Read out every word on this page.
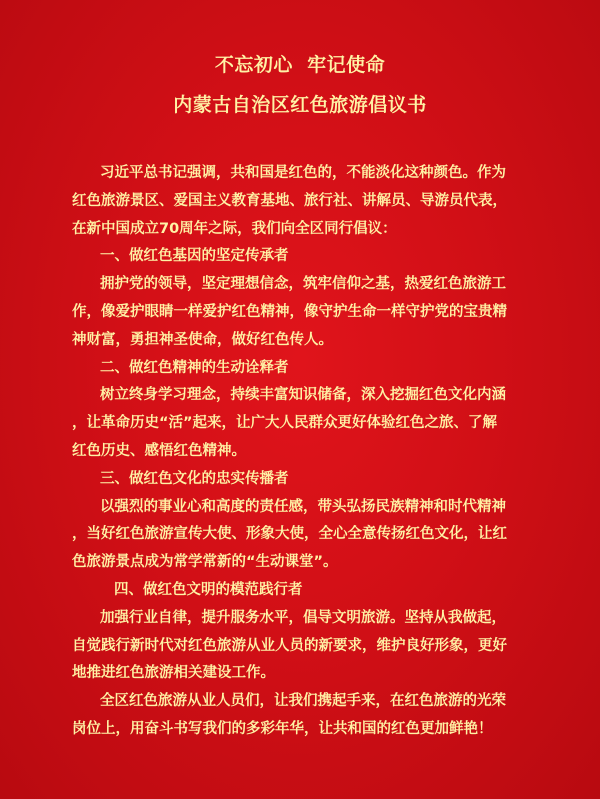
不忘初心  牢记使命
内蒙古自治区红色旅游倡议书
习近平总书记强调，共和国是红色的，不能淡化这种颜色。作为
红色旅游景区、爱国主义教育基地、旅行社、讲解员、导游员代表，
在新中国成立70周年之际，我们向全区同行倡议：
一、做红色基因的坚定传承者
拥护党的领导，坚定理想信念，筑牢信仰之基，热爱红色旅游工
作，像爱护眼睛一样爱护红色精神，像守护生命一样守护党的宝贵精
神财富，勇担神圣使命，做好红色传人。
二、做红色精神的生动诠释者
树立终身学习理念，持续丰富知识储备，深入挖掘红色文化内涵
，让革命历史“活”起来，让广大人民群众更好体验红色之旅、了解
红色历史、感悟红色精神。
三、做红色文化的忠实传播者
以强烈的事业心和高度的责任感，带头弘扬民族精神和时代精神
，当好红色旅游宣传大使、形象大使，全心全意传扬红色文化，让红
色旅游景点成为常学常新的“生动课堂”。
四、做红色文明的模范践行者
加强行业自律，提升服务水平，倡导文明旅游。坚持从我做起，
自觉践行新时代对红色旅游从业人员的新要求，维护良好形象，更好
地推进红色旅游相关建设工作。
全区红色旅游从业人员们，让我们携起手来，在红色旅游的光荣
岗位上，用奋斗书写我们的多彩年华，让共和国的红色更加鲜艳！
